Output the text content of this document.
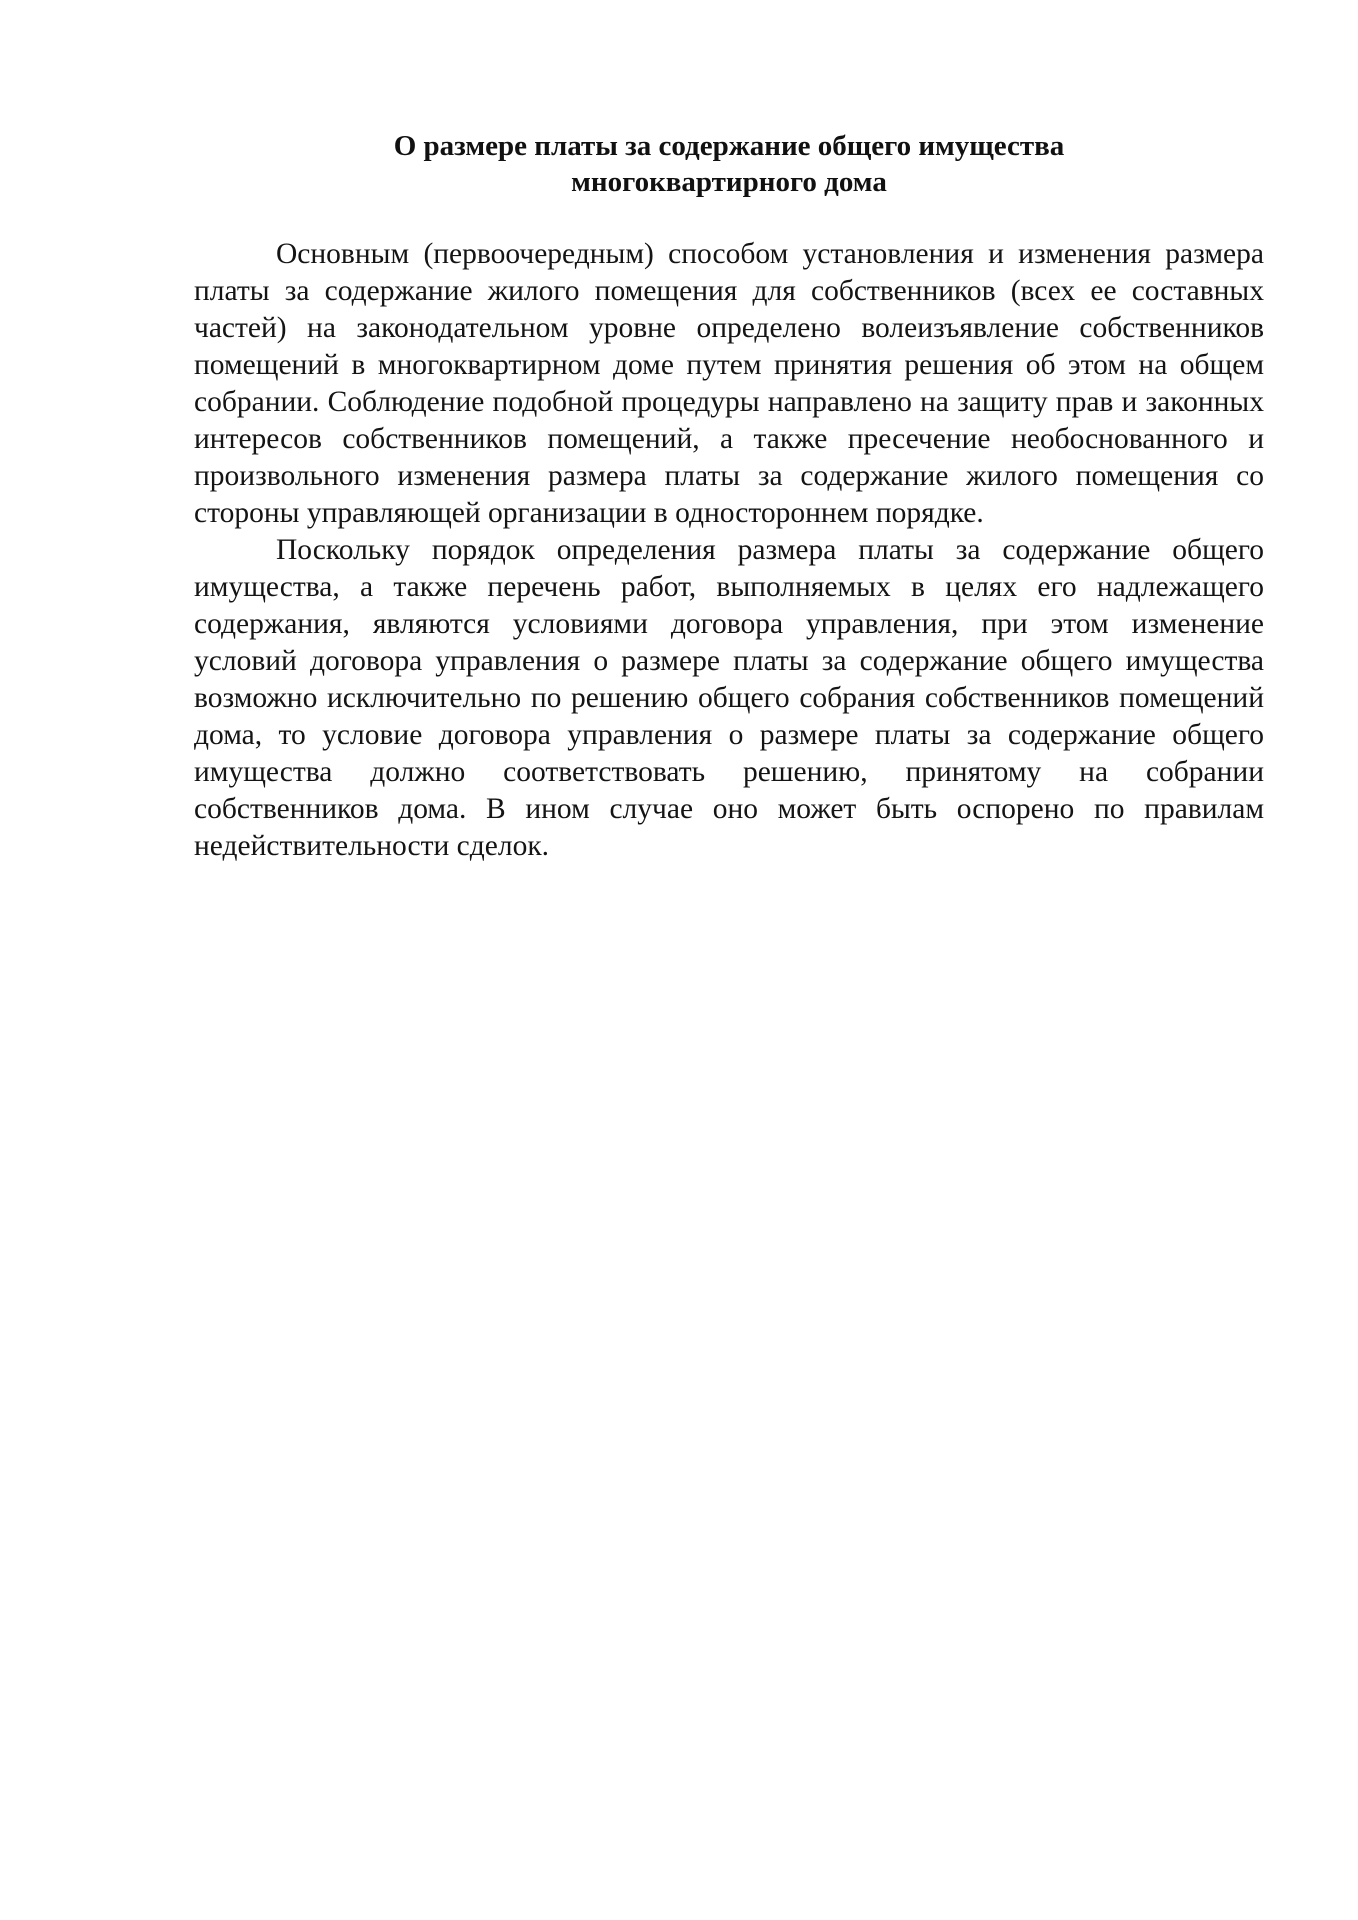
О размере платы за содержание общего имущества
многоквартирного дома

Основным (первоочередным) способом установления и изменения размера платы за содержание жилого помещения для собственников (всех ее составных частей) на законодательном уровне определено волеизъявление собственников помещений в многоквартирном доме путем принятия решения об этом на общем собрании. Соблюдение подобной процедуры направлено на защиту прав и законных интересов собственников помещений, а также пресечение необоснованного и произвольного изменения размера платы за содержание жилого помещения со стороны управляющей организации в одностороннем порядке.

Поскольку порядок определения размера платы за содержание общего имущества, а также перечень работ, выполняемых в целях его надлежащего содержания, являются условиями договора управления, при этом изменение условий договора управления о размере платы за содержание общего имущества возможно исключительно по решению общего собрания собственников помещений дома, то условие договора управления о размере платы за содержание общего имущества должно соответствовать решению, принятому на собрании собственников дома. В ином случае оно может быть оспорено по правилам недействительности сделок.
